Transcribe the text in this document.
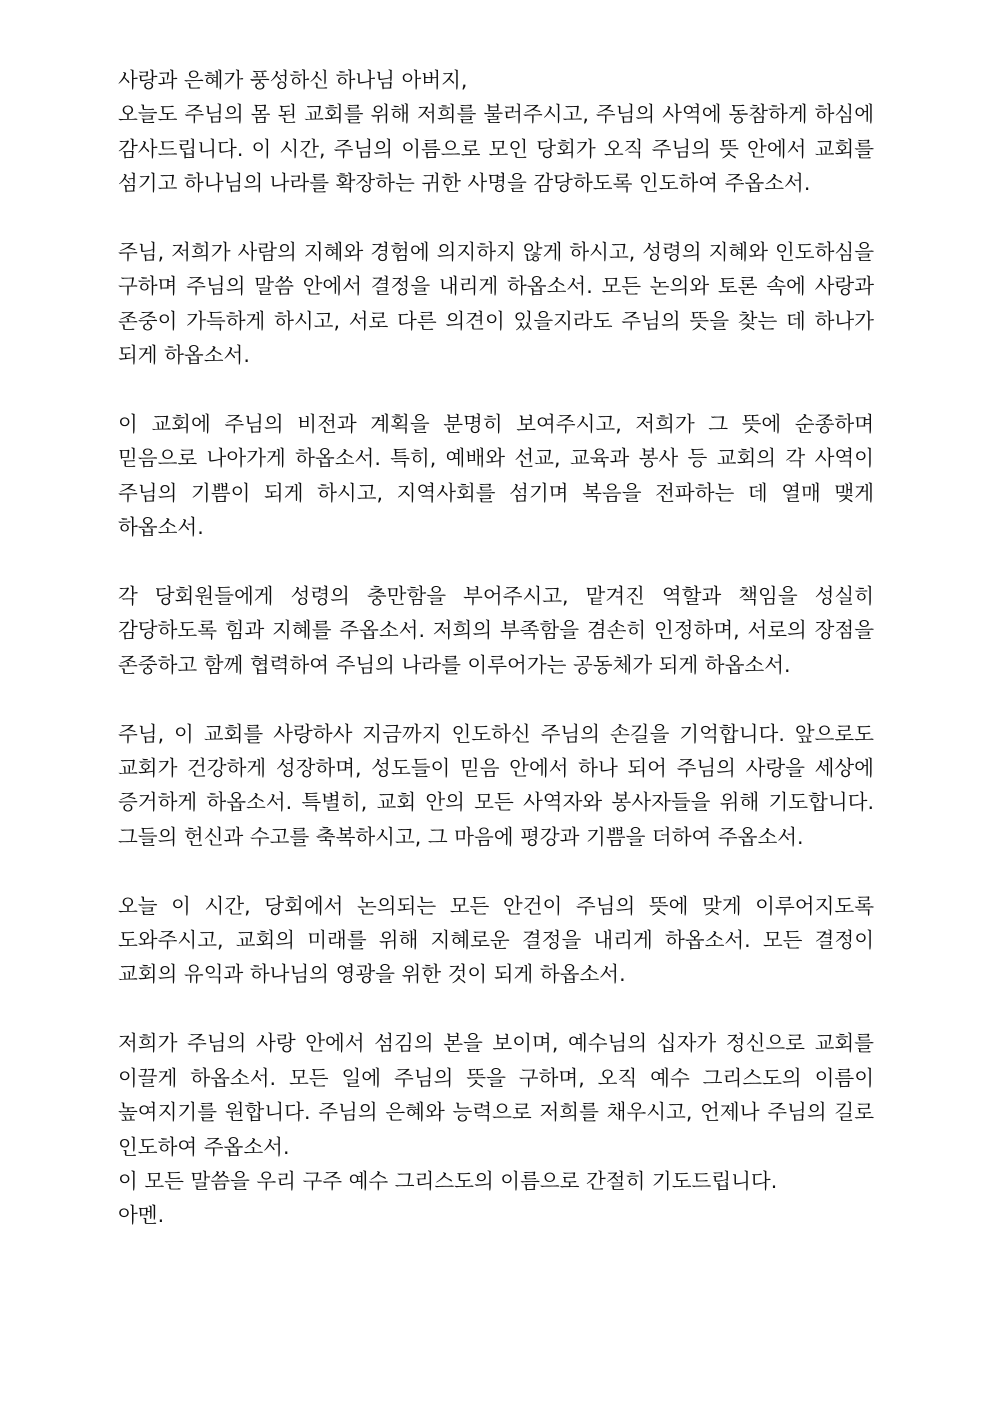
사랑과 은혜가 풍성하신 하나님 아버지,

오늘도 주님의 몸 된 교회를 위해 저희를 불러주시고, 주님의 사역에 동참하게 하심에 감사드립니다. 이 시간, 주님의 이름으로 모인 당회가 오직 주님의 뜻 안에서 교회를 섬기고 하나님의 나라를 확장하는 귀한 사명을 감당하도록 인도하여 주옵소서.

주님, 저희가 사람의 지혜와 경험에 의지하지 않게 하시고, 성령의 지혜와 인도하심을 구하며 주님의 말씀 안에서 결정을 내리게 하옵소서. 모든 논의와 토론 속에 사랑과 존중이 가득하게 하시고, 서로 다른 의견이 있을지라도 주님의 뜻을 찾는 데 하나가 되게 하옵소서.

이 교회에 주님의 비전과 계획을 분명히 보여주시고, 저희가 그 뜻에 순종하며 믿음으로 나아가게 하옵소서. 특히, 예배와 선교, 교육과 봉사 등 교회의 각 사역이 주님의 기쁨이 되게 하시고, 지역사회를 섬기며 복음을 전파하는 데 열매 맺게 하옵소서.

각 당회원들에게 성령의 충만함을 부어주시고, 맡겨진 역할과 책임을 성실히 감당하도록 힘과 지혜를 주옵소서. 저희의 부족함을 겸손히 인정하며, 서로의 장점을 존중하고 함께 협력하여 주님의 나라를 이루어가는 공동체가 되게 하옵소서.

주님, 이 교회를 사랑하사 지금까지 인도하신 주님의 손길을 기억합니다. 앞으로도 교회가 건강하게 성장하며, 성도들이 믿음 안에서 하나 되어 주님의 사랑을 세상에 증거하게 하옵소서. 특별히, 교회 안의 모든 사역자와 봉사자들을 위해 기도합니다. 그들의 헌신과 수고를 축복하시고, 그 마음에 평강과 기쁨을 더하여 주옵소서.

오늘 이 시간, 당회에서 논의되는 모든 안건이 주님의 뜻에 맞게 이루어지도록 도와주시고, 교회의 미래를 위해 지혜로운 결정을 내리게 하옵소서. 모든 결정이 교회의 유익과 하나님의 영광을 위한 것이 되게 하옵소서.

저희가 주님의 사랑 안에서 섬김의 본을 보이며, 예수님의 십자가 정신으로 교회를 이끌게 하옵소서. 모든 일에 주님의 뜻을 구하며, 오직 예수 그리스도의 이름이 높여지기를 원합니다. 주님의 은혜와 능력으로 저희를 채우시고, 언제나 주님의 길로 인도하여 주옵소서.

이 모든 말씀을 우리 구주 예수 그리스도의 이름으로 간절히 기도드립니다.

아멘.
